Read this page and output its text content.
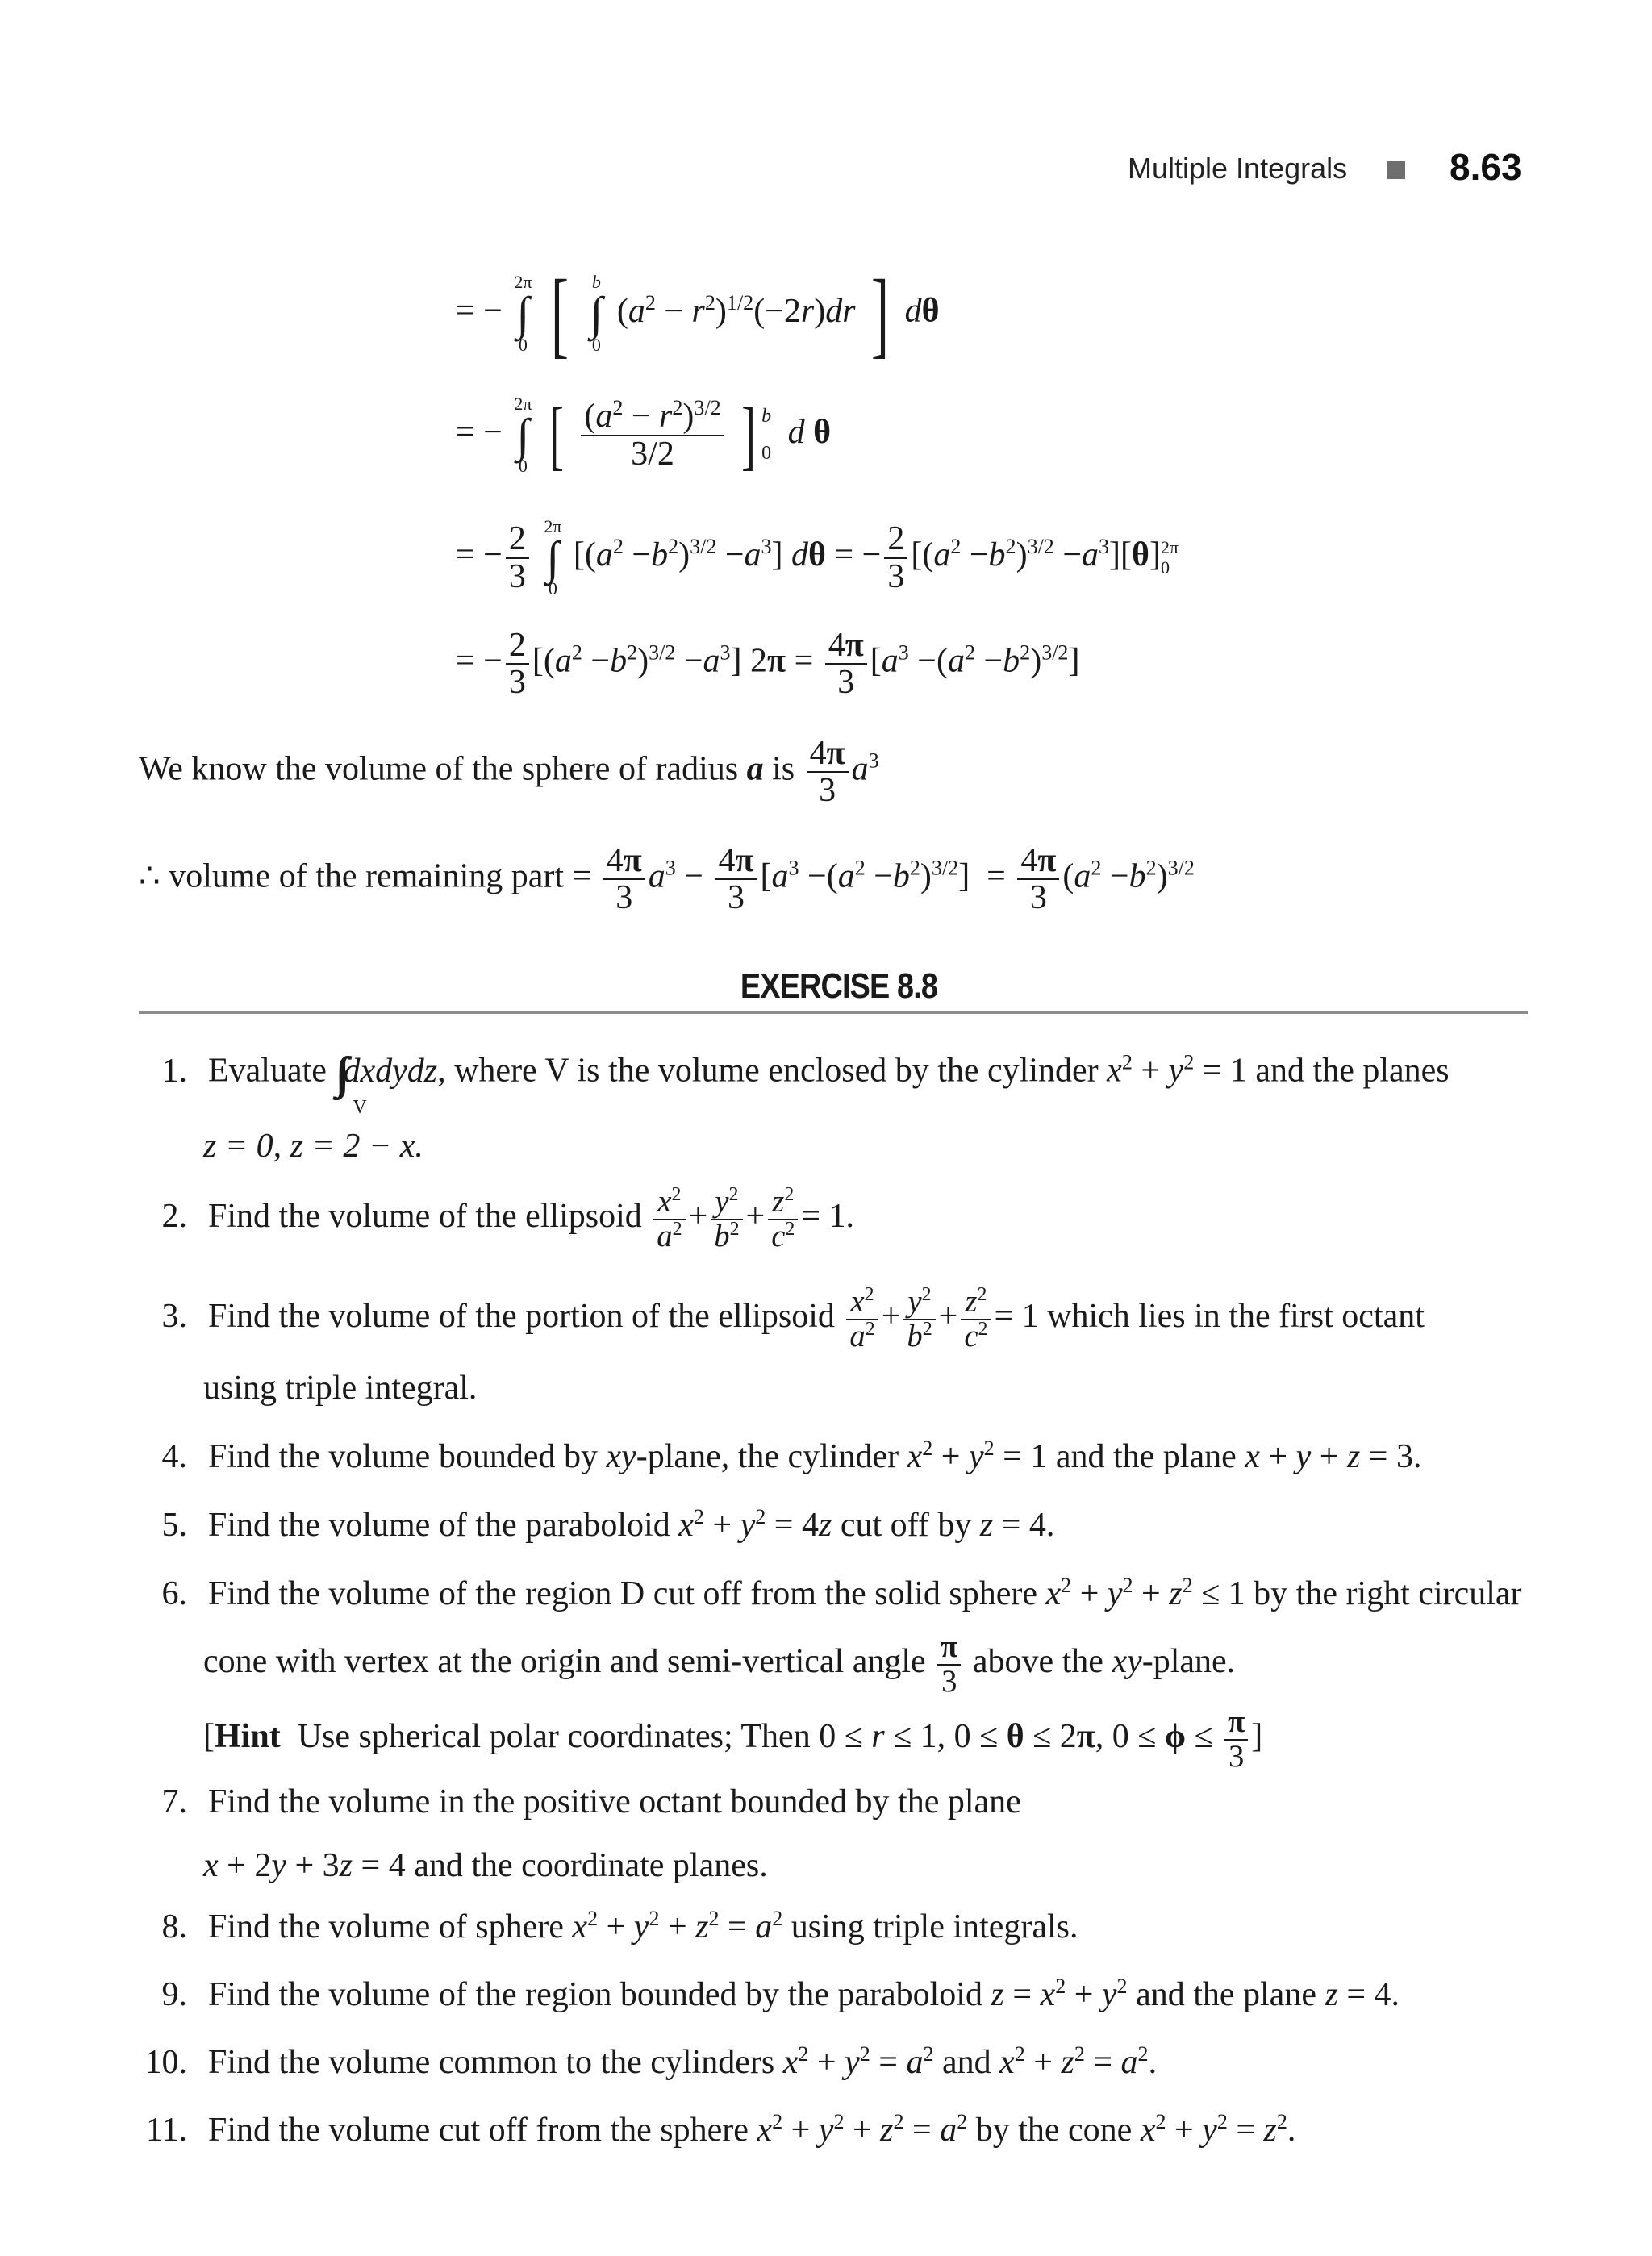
Multiple Integrals	8.63
= −
2π
∫
0 [	b
∫
0
$(a^2 - r^2)^{1/2}(-2r)dr$ ] dθ
= −
2π
∫
0 [ $\frac{(a^2 - r^2)^{3/2}}{3/2}$ ] b
0
d θ
= − $\frac{2}{3}$
2π
∫
0
$[(a^2 -b^2)^{3/2} -a^3] d\theta$ = − $\frac{2}{3} [(a^2 -b^2)^{3/2} -a^3][\theta]$ 2π
0
= − $\frac{2}{3} [(a^2 -b^2)^{3/2} -a^3] 2\pi = \frac{4\pi}{3} [a^3 -(a^2 -b^2)^{3/2}]$
We know the volume of the sphere of radius a is $\frac{4\pi}{3} a^3$
∴ volume of the remaining part = $\frac{4\pi}{3} a^3 - \frac{4\pi}{3} [a^3 -(a^2 -b^2)^{3/2}] = \frac{4\pi}{3} (a^2 -b^2)^{3/2}$
EXERCISE 8.8
1. Evaluate ∫∫∫
V
dxdydz, where V is the volume enclosed by the cylinder $x^2 + y^2 = 1$ and the planes
z = 0, z = 2 − x.
2. Find the volume of the ellipsoid $\frac{x^2}{a^2} + \frac{y^2}{b^2} + \frac{z^2}{c^2} = 1$.
3. Find the volume of the portion of the ellipsoid $\frac{x^2}{a^2} + \frac{y^2}{b^2} + \frac{z^2}{c^2} = 1$ which lies in the first octant
using triple integral.
4. Find the volume bounded by xy-plane, the cylinder $x^2 + y^2 = 1$ and the plane x + y + z = 3.
5. Find the volume of the paraboloid $x^2 + y^2 = 4z$ cut off by z = 4.
6. Find the volume of the region D cut off from the solid sphere $x^2 + y^2 + z^2 \le 1$ by the right circular
cone with vertex at the origin and semi-vertical angle $\frac{\pi}{3}$ above the xy-plane.
[Hint Use spherical polar coordinates; Then 0 ≤ r ≤ 1, 0 ≤ θ ≤ 2π, $0 \le \phi \le \frac{\pi}{3}$ ]
7. Find the volume in the positive octant bounded by the plane
x + 2y + 3z = 4 and the coordinate planes.
8. Find the volume of sphere $x^2 + y^2 + z^2 = a^2$ using triple integrals.
9. Find the volume of the region bounded by the paraboloid $z = x^2 + y^2$ and the plane z = 4.
10. Find the volume common to the cylinders $x^2 + y^2 = a^2$ and $x^2 + z^2 = a^2$.
11. Find the volume cut off from the sphere $x^2 + y^2 + z^2 = a^2$ by the cone $x^2 + y^2 = z^2$.
